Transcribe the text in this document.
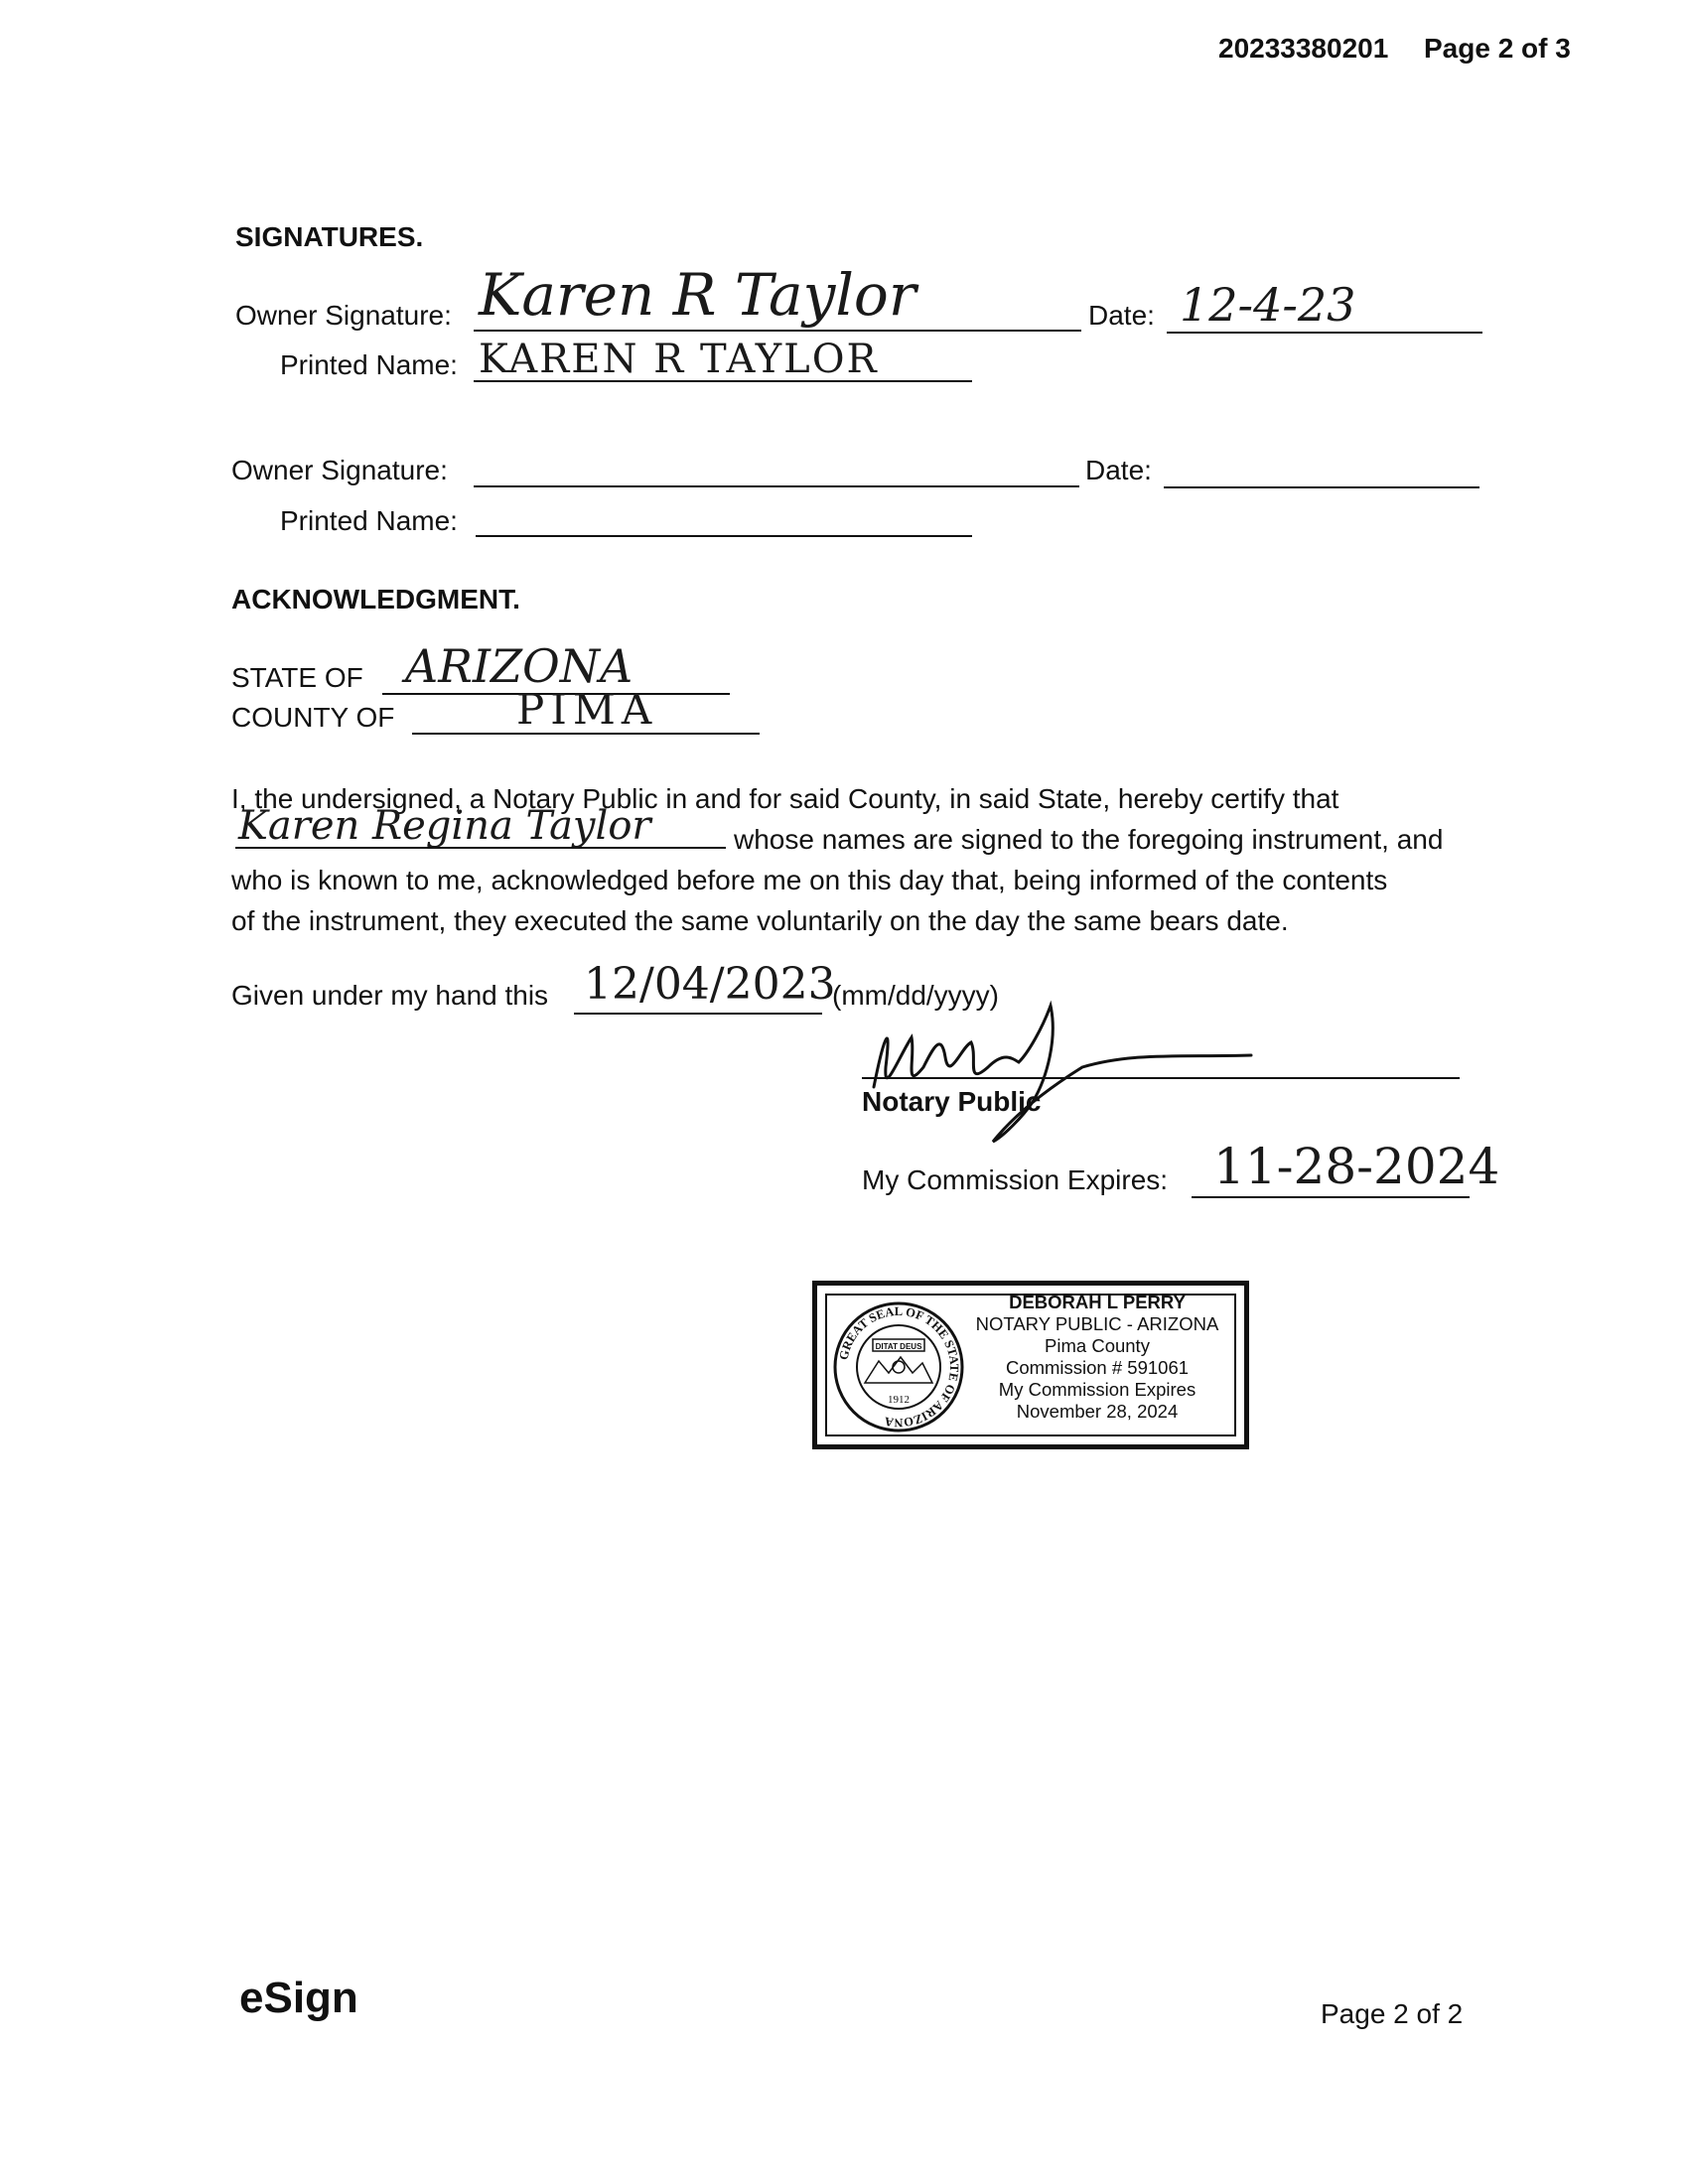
20233380201 Page 2 of 3
SIGNATURES.
Owner Signature: Karen R Taylor	Date: 12-4-23
Printed Name: KAREN R TAYLOR
Owner Signature:	Date:
Printed Name:
ACKNOWLEDGMENT.
STATE OF ARIZONA
COUNTY OF	PIMA
I, the undersigned, a Notary Public in and for said County, in said State, hereby certify that
Karen Regina Taylor	whose names are signed to the foregoing instrument, and
who is known to me, acknowledged before me on this day that, being informed of the contents
of the instrument, they executed the same voluntarily on the day the same bears date.
Given under my hand this 12/04/2023
(mm/dd/yyyy)
Notary Public
My Commission Expires: 11-28-2024
GREAT SEAL OF THE STATE OF ARIZONA
DITAT DEUS
1912
DEBORAH L PERRY
NOTARY PUBLIC - ARIZONA
Pima County
Commission # 591061
My Commission Expires
November 28, 2024
eSign	Page 2 of 2
